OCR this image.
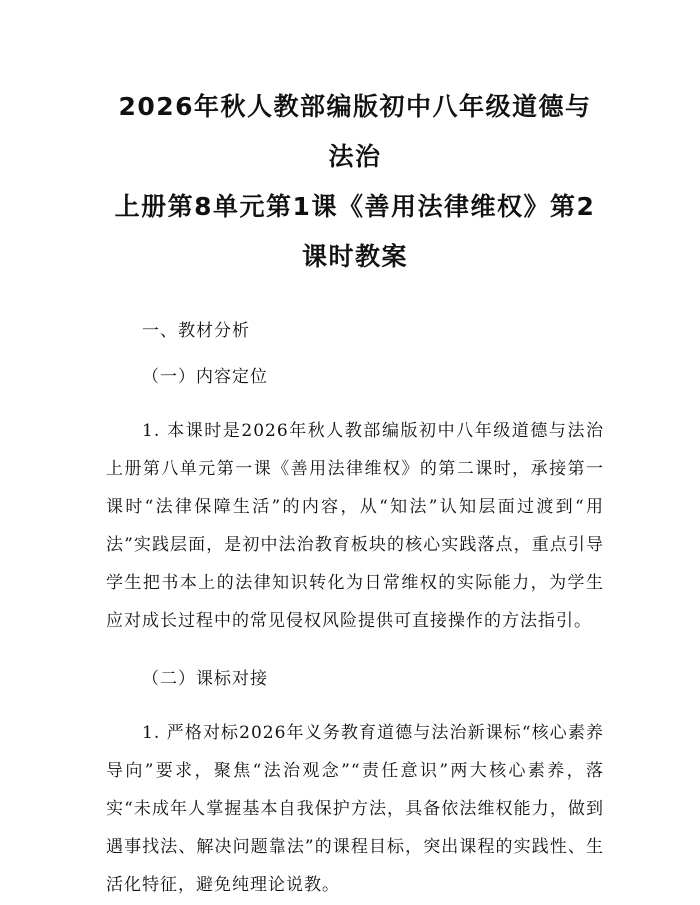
2026年秋人教部编版初中八年级道德与法治
上册第8单元第1课《善用法律维权》第2
课时教案

一、教材分析

（一）内容定位

1. 本课时是2026年秋人教部编版初中八年级道德与法治上册第八单元第一课《善用法律维权》的第二课时，承接第一课时“法律保障生活”的内容，从“知法”认知层面过渡到“用法”实践层面，是初中法治教育板块的核心实践落点，重点引导学生把书本上的法律知识转化为日常维权的实际能力，为学生应对成长过程中的常见侵权风险提供可直接操作的方法指引。

（二）课标对接

1. 严格对标2026年义务教育道德与法治新课标“核心素养导向”要求，聚焦“法治观念”“责任意识”两大核心素养，落实“未成年人掌握基本自我保护方法，具备依法维权能力，做到遇事找法、解决问题靠法”的课程目标，突出课程的实践性、生活化特征，避免纯理论说教。
